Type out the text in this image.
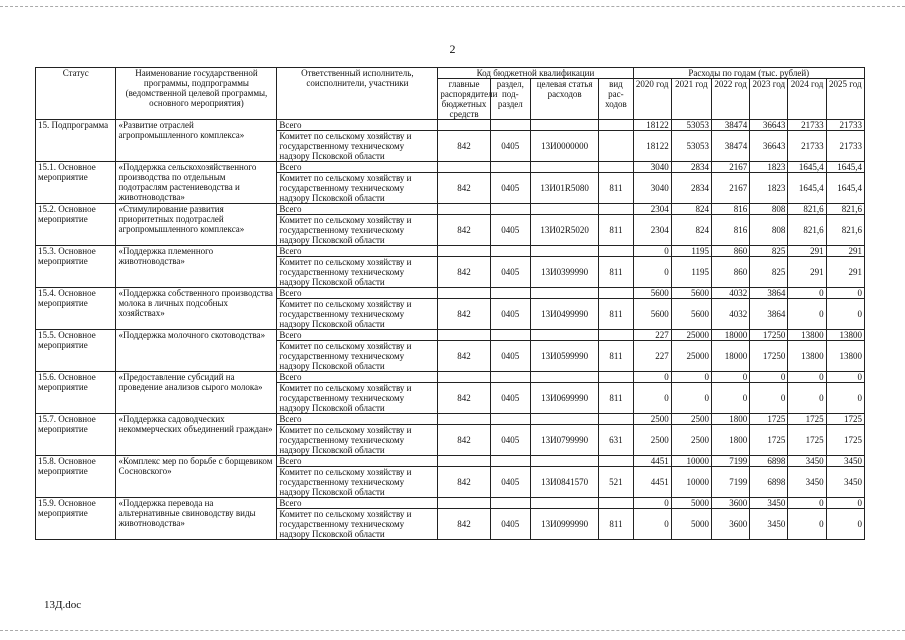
2
Статус	Наименование государственной программы, подпрограммы (ведомственной целевой программы, основного мероприятия)	Ответственный исполнитель, соисполнители, участники	Код бюджетной квалификации				Расходы по годам (тыс. рублей)					
			главные распорядители бюджетных средств	раздел, под-раздел	целевая статья расходов	вид рас-ходов	2020 год	2021 год	2022 год	2023 год	2024 год	2025 год
15. Подпрограмма	«Развитие отраслей агропромышленного комплекса»	Всего					18122	53053	38474	36643	21733	21733
		Комитет по сельскому хозяйству и государственному техническому надзору Псковской области	842	0405	13И0000000		18122	53053	38474	36643	21733	21733
15.1. Основное мероприятие	«Поддержка сельскохозяйственного производства по отдельным подотраслям растениеводства и животноводства»	Всего					3040	2834	2167	1823	1645,4	1645,4
		Комитет по сельскому хозяйству и государственному техническому надзору Псковской области	842	0405	13И01R5080	811	3040	2834	2167	1823	1645,4	1645,4
15.2. Основное мероприятие	«Стимулирование развития приоритетных подотраслей агропромышленного комплекса»	Всего					2304	824	816	808	821,6	821,6
		Комитет по сельскому хозяйству и государственному техническому надзору Псковской области	842	0405	13И02R5020	811	2304	824	816	808	821,6	821,6
15.3. Основное мероприятие	«Поддержка племенного животноводства»	Всего					0	1195	860	825	291	291
		Комитет по сельскому хозяйству и государственному техническому надзору Псковской области	842	0405	13И0399990	811	0	1195	860	825	291	291
15.4. Основное мероприятие	«Поддержка собственного производства молока в личных подсобных хозяйствах»	Всего					5600	5600	4032	3864	0	0
		Комитет по сельскому хозяйству и государственному техническому надзору Псковской области	842	0405	13И0499990	811	5600	5600	4032	3864	0	0
15.5. Основное мероприятие	«Поддержка молочного скотоводства»	Всего					227	25000	18000	17250	13800	13800
		Комитет по сельскому хозяйству и государственному техническому надзору Псковской области	842	0405	13И0599990	811	227	25000	18000	17250	13800	13800
15.6. Основное мероприятие	«Предоставление субсидий на проведение анализов сырого молока»	Всего					0	0	0	0	0	0
		Комитет по сельскому хозяйству и государственному техническому надзору Псковской области	842	0405	13И0699990	811	0	0	0	0	0	0
15.7. Основное мероприятие	«Поддержка садоводческих некоммерческих объединений граждан»	Всего					2500	2500	1800	1725	1725	1725
		Комитет по сельскому хозяйству и государственному техническому надзору Псковской области	842	0405	13И0799990	631	2500	2500	1800	1725	1725	1725
15.8. Основное мероприятие	«Комплекс мер по борьбе с борщевиком Сосновского»	Всего					4451	10000	7199	6898	3450	3450
		Комитет по сельскому хозяйству и государственному техническому надзору Псковской области	842	0405	13И0841570	521	4451	10000	7199	6898	3450	3450
15.9. Основное мероприятие	«Поддержка перевода на альтернативные свиноводству виды животноводства»	Всего					0	5000	3600	3450	0	0
		Комитет по сельскому хозяйству и государственному техническому надзору Псковской области	842	0405	13И0999990	811	0	5000	3600	3450	0	0
13Д.doc
